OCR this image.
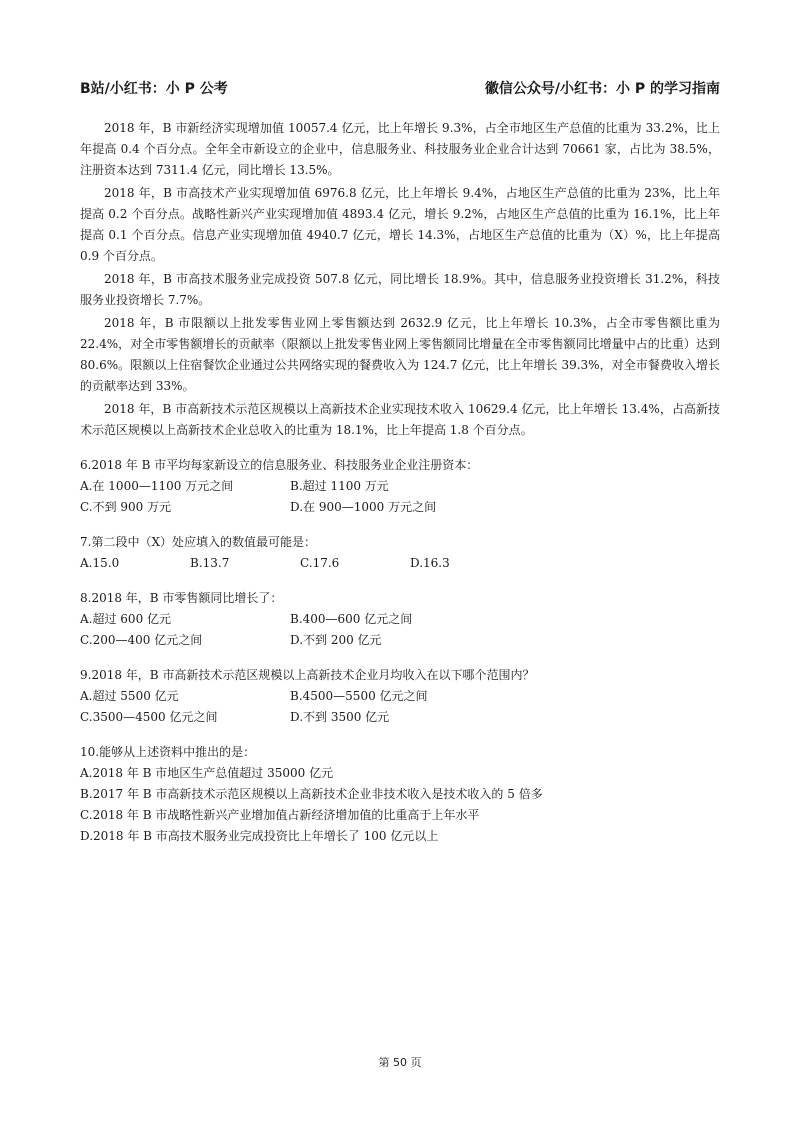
B站/小红书：小 P 公考	徽信公众号/小红书：小 P 的学习指南

2018 年，B 市新经济实现增加值 10057.4 亿元，比上年增长 9.3%，占全市地区生产总值的比重为 33.2%，比上年提高 0.4 个百分点。全年全市新设立的企业中，信息服务业、科技服务业企业合计达到 70661 家，占比为 38.5%，注册资本达到 7311.4 亿元，同比增长 13.5%。

2018 年，B 市高技术产业实现增加值 6976.8 亿元，比上年增长 9.4%，占地区生产总值的比重为 23%，比上年提高 0.2 个百分点。战略性新兴产业实现增加值 4893.4 亿元，增长 9.2%，占地区生产总值的比重为 16.1%，比上年提高 0.1 个百分点。信息产业实现增加值 4940.7 亿元，增长 14.3%，占地区生产总值的比重为（X）%，比上年提高 0.9 个百分点。

2018 年，B 市高技术服务业完成投资 507.8 亿元，同比增长 18.9%。其中，信息服务业投资增长 31.2%，科技服务业投资增长 7.7%。

2018 年，B 市限额以上批发零售业网上零售额达到 2632.9 亿元，比上年增长 10.3%，占全市零售额比重为 22.4%，对全市零售额增长的贡献率（限额以上批发零售业网上零售额同比增量在全市零售额同比增量中占的比重）达到 80.6%。限额以上住宿餐饮企业通过公共网络实现的餐费收入为 124.7 亿元，比上年增长 39.3%，对全市餐费收入增长的贡献率达到 33%。

2018 年，B 市高新技术示范区规模以上高新技术企业实现技术收入 10629.4 亿元，比上年增长 13.4%，占高新技术示范区规模以上高新技术企业总收入的比重为 18.1%，比上年提高 1.8 个百分点。

6.2018 年 B 市平均每家新设立的信息服务业、科技服务业企业注册资本：

A.在 1000—1100 万元之间	B.超过 1100 万元
C.不到 900 万元	D.在 900—1000 万元之间

7.第二段中（X）处应填入的数值最可能是：

A.15.0	B.13.7	C.17.6	D.16.3

8.2018 年，B 市零售额同比增长了：

A.超过 600 亿元	B.400—600 亿元之间
C.200—400 亿元之间	D.不到 200 亿元

9.2018 年，B 市高新技术示范区规模以上高新技术企业月均收入在以下哪个范围内？

A.超过 5500 亿元	B.4500—5500 亿元之间
C.3500—4500 亿元之间	D.不到 3500 亿元

10.能够从上述资料中推出的是：

A.2018 年 B 市地区生产总值超过 35000 亿元
B.2017 年 B 市高新技术示范区规模以上高新技术企业非技术收入是技术收入的 5 倍多
C.2018 年 B 市战略性新兴产业增加值占新经济增加值的比重高于上年水平
D.2018 年 B 市高技术服务业完成投资比上年增长了 100 亿元以上
第 50 页
